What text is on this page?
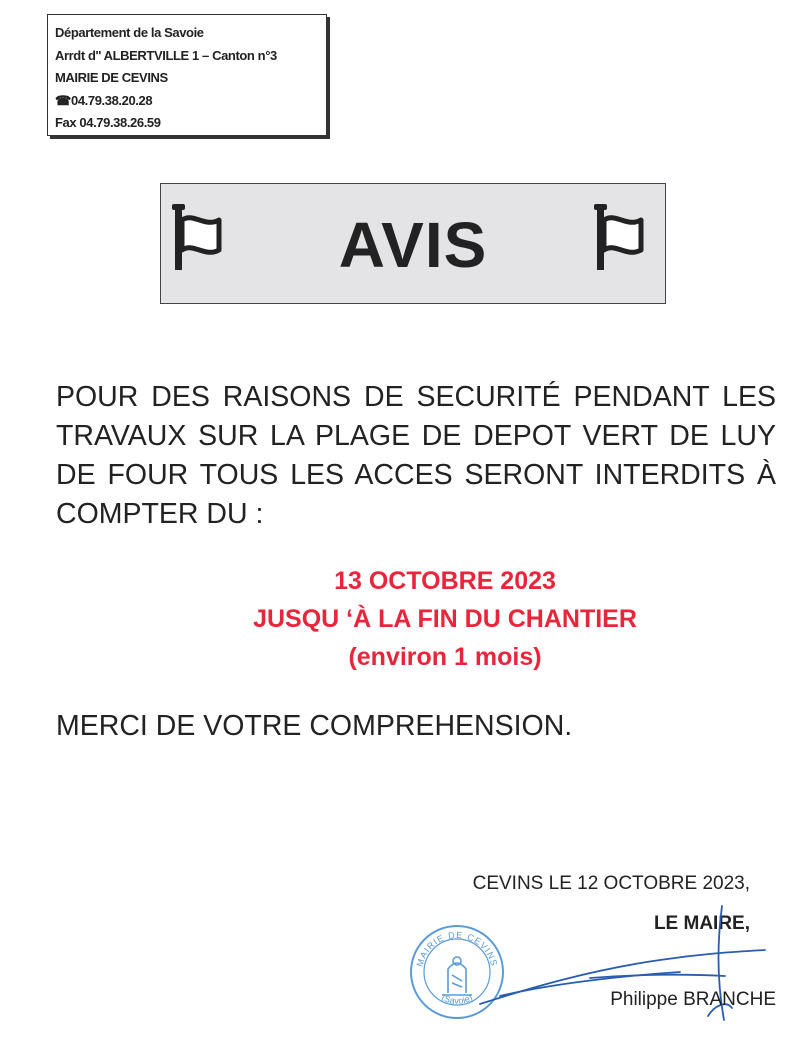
Département de la Savoie
Arrdt d'' ALBERTVILLE 1 – Canton n°3
MAIRIE DE CEVINS
☎04.79.38.20.28
Fax 04.79.38.26.59
AVIS
POUR DES RAISONS DE SECURITÉ PENDANT LES TRAVAUX SUR LA PLAGE DE DEPOT VERT DE LUY DE FOUR TOUS LES ACCES SERONT INTERDITS À COMPTER DU :
13 OCTOBRE 2023
JUSQU ‘À LA FIN DU CHANTIER
(environ 1 mois)
MERCI DE VOTRE COMPREHENSION.
CEVINS LE 12 OCTOBRE 2023,
LE MAIRE,
MAIRIE DE CEVINS
(Savoie)	Philippe BRANCHE
